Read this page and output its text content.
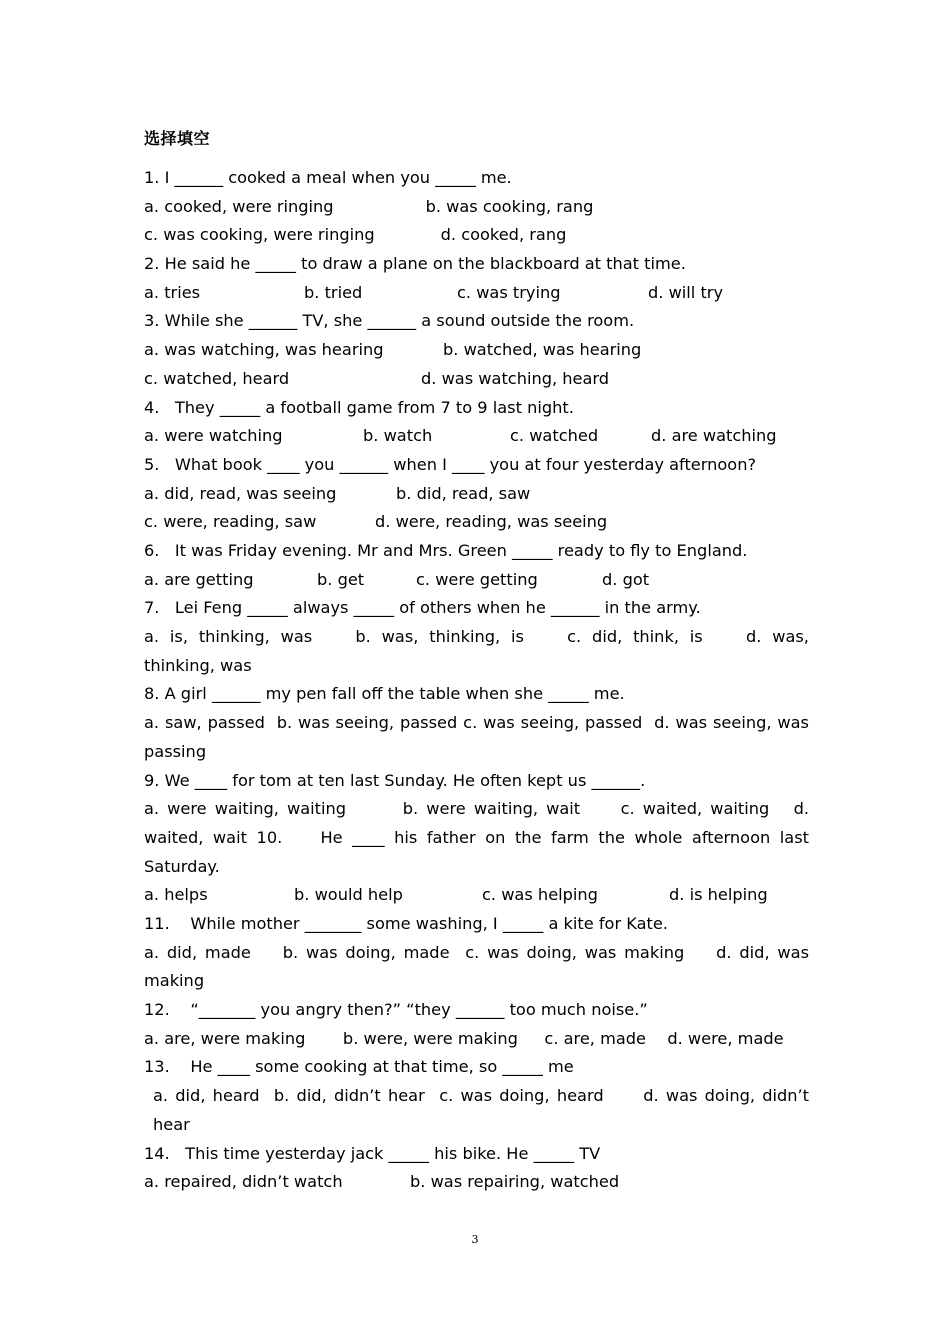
选择填空
1. I ______ cooked a meal when you _____ me.
a. cooked, were ringing	b. was cooking, rang
c. was cooking, were ringing	d. cooked, rang
2. He said he _____ to draw a plane on the blackboard at that time.
a. tries	b. tried	c. was trying	d. will try
3. While she ______ TV, she ______ a sound outside the room.
a. was watching, was hearing	b. watched, was hearing
c. watched, heard	d. was watching, heard
4.   They _____ a football game from 7 to 9 last night.
a. were watching	b. watch	c. watched	d. are watching
5.   What book ____ you ______ when I ____ you at four yesterday afternoon?
a. did, read, was seeing	b. did, read, saw
c. were, reading, saw	d. were, reading, was seeing
6.   It was Friday evening. Mr and Mrs. Green _____ ready to fly to England.
a. are getting	b. get	c. were getting	d. got
7.   Lei Feng _____ always _____ of others when he ______ in the army.
a. is, thinking, was  	b. was, thinking, is  	c. did, think, is  	d. was, thinking, was
8. A girl ______ my pen fall off the table when she _____ me.
a. saw, passed b. was seeing, passed c. was seeing, passed d. was seeing, was passing
9. We ____ for tom at ten last Sunday. He often kept us ______.
a. were waiting, waiting   	b. were waiting, wait   c. waited, waiting  d. waited, wait 10.    He ____ his father on the farm the whole afternoon last Saturday.
a. helps	b. would help	c. was helping	d. is helping
11.    While mother _______ some washing, I _____ a kite for Kate.
a. did, made  b. was doing, made c. was doing, was making  d. did, was making
12.    “_______ you angry then?” “they ______ too much noise.”
a. are, were making   b. were, were making  c. are, made  d. were, made
13.    He ____ some cooking at that time, so _____ me
a. did, heard b. did, didn’t hear c. was doing, heard   d. was doing, didn’t hear
14.   This time yesterday jack _____ his bike. He _____ TV
a. repaired, didn’t watch	b. was repairing, watched
3
